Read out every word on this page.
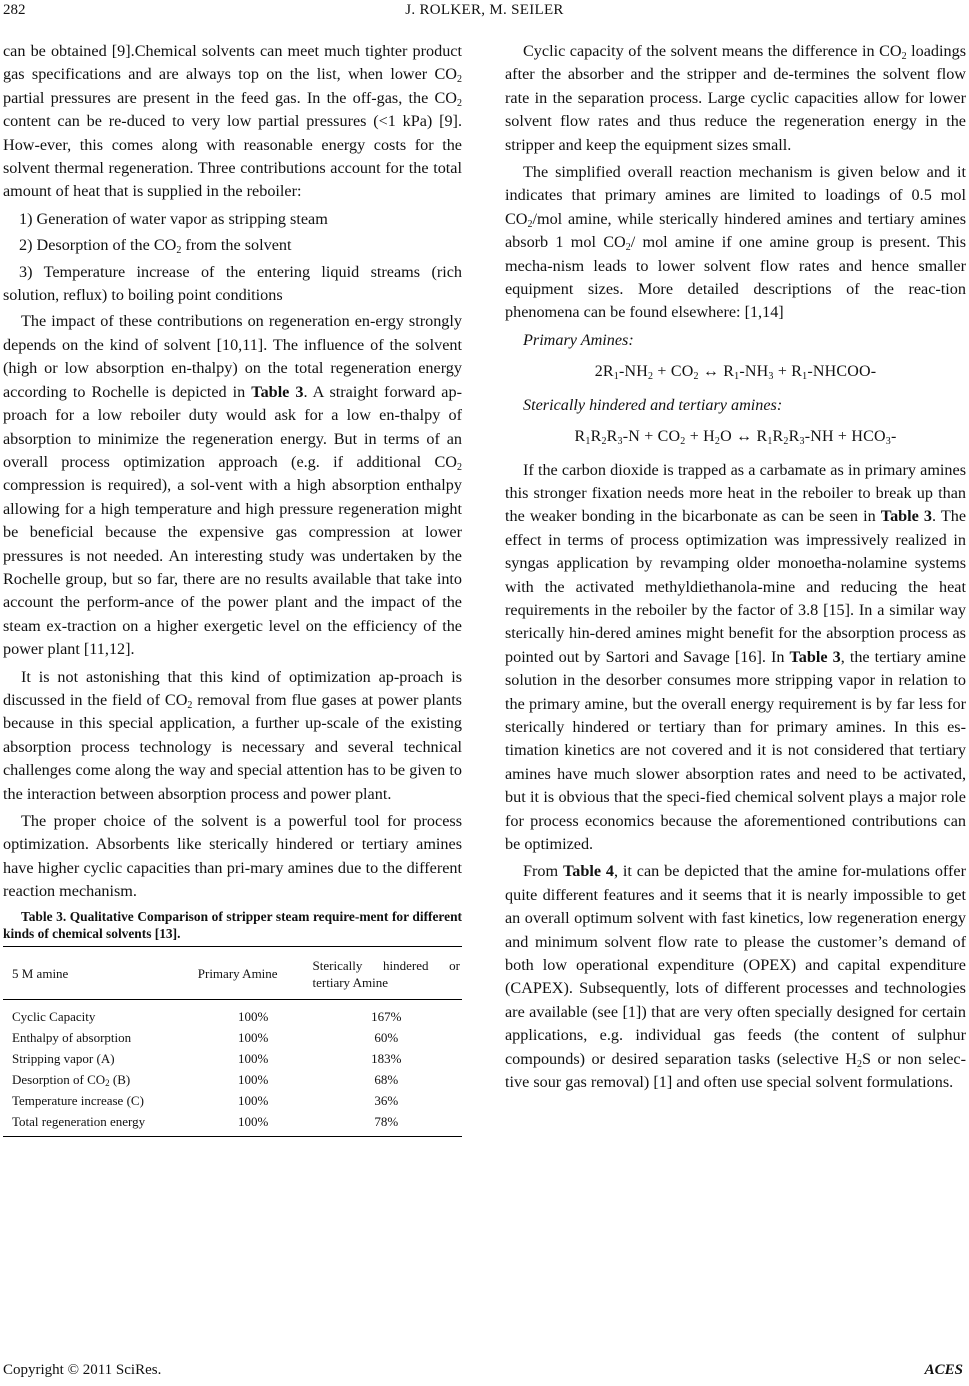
282	J. ROLKER, M. SEILER

can be obtained [9].Chemical solvents can meet much tighter product gas specifications and are always top on the list, when lower $CO_2$ partial pressures are present in the feed gas. In the off-gas, the $CO_2$ content can be re-duced to very low partial pressures (<1 kPa) [9]. How-ever, this comes along with reasonable energy costs for the solvent thermal regeneration. Three contributions account for the total amount of heat that is supplied in the reboiler:

1) Generation of water vapor as stripping steam

2) Desorption of the $CO_2$ from the solvent

3) Temperature increase of the entering liquid streams (rich solution, reflux) to boiling point conditions

The impact of these contributions on regeneration en-ergy strongly depends on the kind of solvent [10,11]. The influence of the solvent (high or low absorption en-thalpy) on the total regeneration energy according to Rochelle is depicted in Table 3. A straight forward ap-proach for a low reboiler duty would ask for a low en-thalpy of absorption to minimize the regeneration energy. But in terms of an overall process optimization approach (e.g. if additional $CO_2$ compression is required), a sol-vent with a high absorption enthalpy allowing for a high temperature and high pressure regeneration might be beneficial because the expensive gas compression at lower pressures is not needed. An interesting study was undertaken by the Rochelle group, but so far, there are no results available that take into account the perform-ance of the power plant and the impact of the steam ex-traction on a higher exergetic level on the efficiency of the power plant [11,12].

It is not astonishing that this kind of optimization ap-proach is discussed in the field of $CO_2$ removal from flue gases at power plants because in this special application, a further up-scale of the existing absorption process technology is necessary and several technical challenges come along the way and special attention has to be given to the interaction between absorption process and power plant.

The proper choice of the solvent is a powerful tool for process optimization. Absorbents like sterically hindered or tertiary amines have higher cyclic capacities than pri-mary amines due to the different reaction mechanism.

Table 3. Qualitative Comparison of stripper steam require-ment for different kinds of chemical solvents [13].

5 M amine	Primary Amine	Sterically hindered or tertiary Amine
Cyclic Capacity	100%	167%
Enthalpy of absorption	100%	60%
Stripping vapor (A)	100%	183%
Desorption of $CO_2$ (B)	100%	68%
Temperature increase (C)	100%	36%
Total regeneration energy	100%	78%

Cyclic capacity of the solvent means the difference in $CO_2$ loadings after the absorber and the stripper and de-termines the solvent flow rate in the separation process. Large cyclic capacities allow for lower solvent flow rates and thus reduce the regeneration energy in the stripper and keep the equipment sizes small.

The simplified overall reaction mechanism is given below and it indicates that primary amines are limited to loadings of 0.5 mol $CO_2$/mol amine, while sterically hindered amines and tertiary amines absorb 1 mol $CO_2/$ mol amine if one amine group is present. This mecha-nism leads to lower solvent flow rates and hence smaller equipment sizes. More detailed descriptions of the reac-tion phenomena can be found elsewhere: [1,14]

Primary Amines:

$2R_1-NH_2 + CO_2$ ↔ $R_1-NH_3$ + $R_1-NHCOO-$

Sterically hindered and tertiary amines:

$R_1R_2R_3-N + CO_2 + H_2O$ ↔ $R_1R_2R_3-NH + HCO_3-$

If the carbon dioxide is trapped as a carbamate as in primary amines this stronger fixation needs more heat in the reboiler to break up than the weaker bonding in the bicarbonate as can be seen in Table 3. The effect in terms of process optimization was impressively realized in syngas application by revamping older monoetha-nolamine systems with the activated methyldiethanola-mine and reducing the heat requirements in the reboiler by the factor of 3.8 [15]. In a similar way sterically hin-dered amines might benefit for the absorption process as pointed out by Sartori and Savage [16]. In Table 3, the tertiary amine solution in the desorber consumes more stripping vapor in relation to the primary amine, but the overall energy requirement is by far less for sterically hindered or tertiary than for primary amines. In this es-timation kinetics are not covered and it is not considered that tertiary amines have much slower absorption rates and need to be activated, but it is obvious that the speci-fied chemical solvent plays a major role for process economics because the aforementioned contributions can be optimized.

From Table 4, it can be depicted that the amine for-mulations offer quite different features and it seems that it is nearly impossible to get an overall optimum solvent with fast kinetics, low regeneration energy and minimum solvent flow rate to please the customer’s demand of both low operational expenditure (OPEX) and capital expenditure (CAPEX). Subsequently, lots of different processes and technologies are available (see [1]) that are very often specially designed for certain applications, e.g. individual gas feeds (the content of sulphur compounds) or desired separation tasks (selective $H_2S$ or non selec-tive sour gas removal) [1] and often use special solvent formulations.

Copyright © 2011 SciRes.	ACES
